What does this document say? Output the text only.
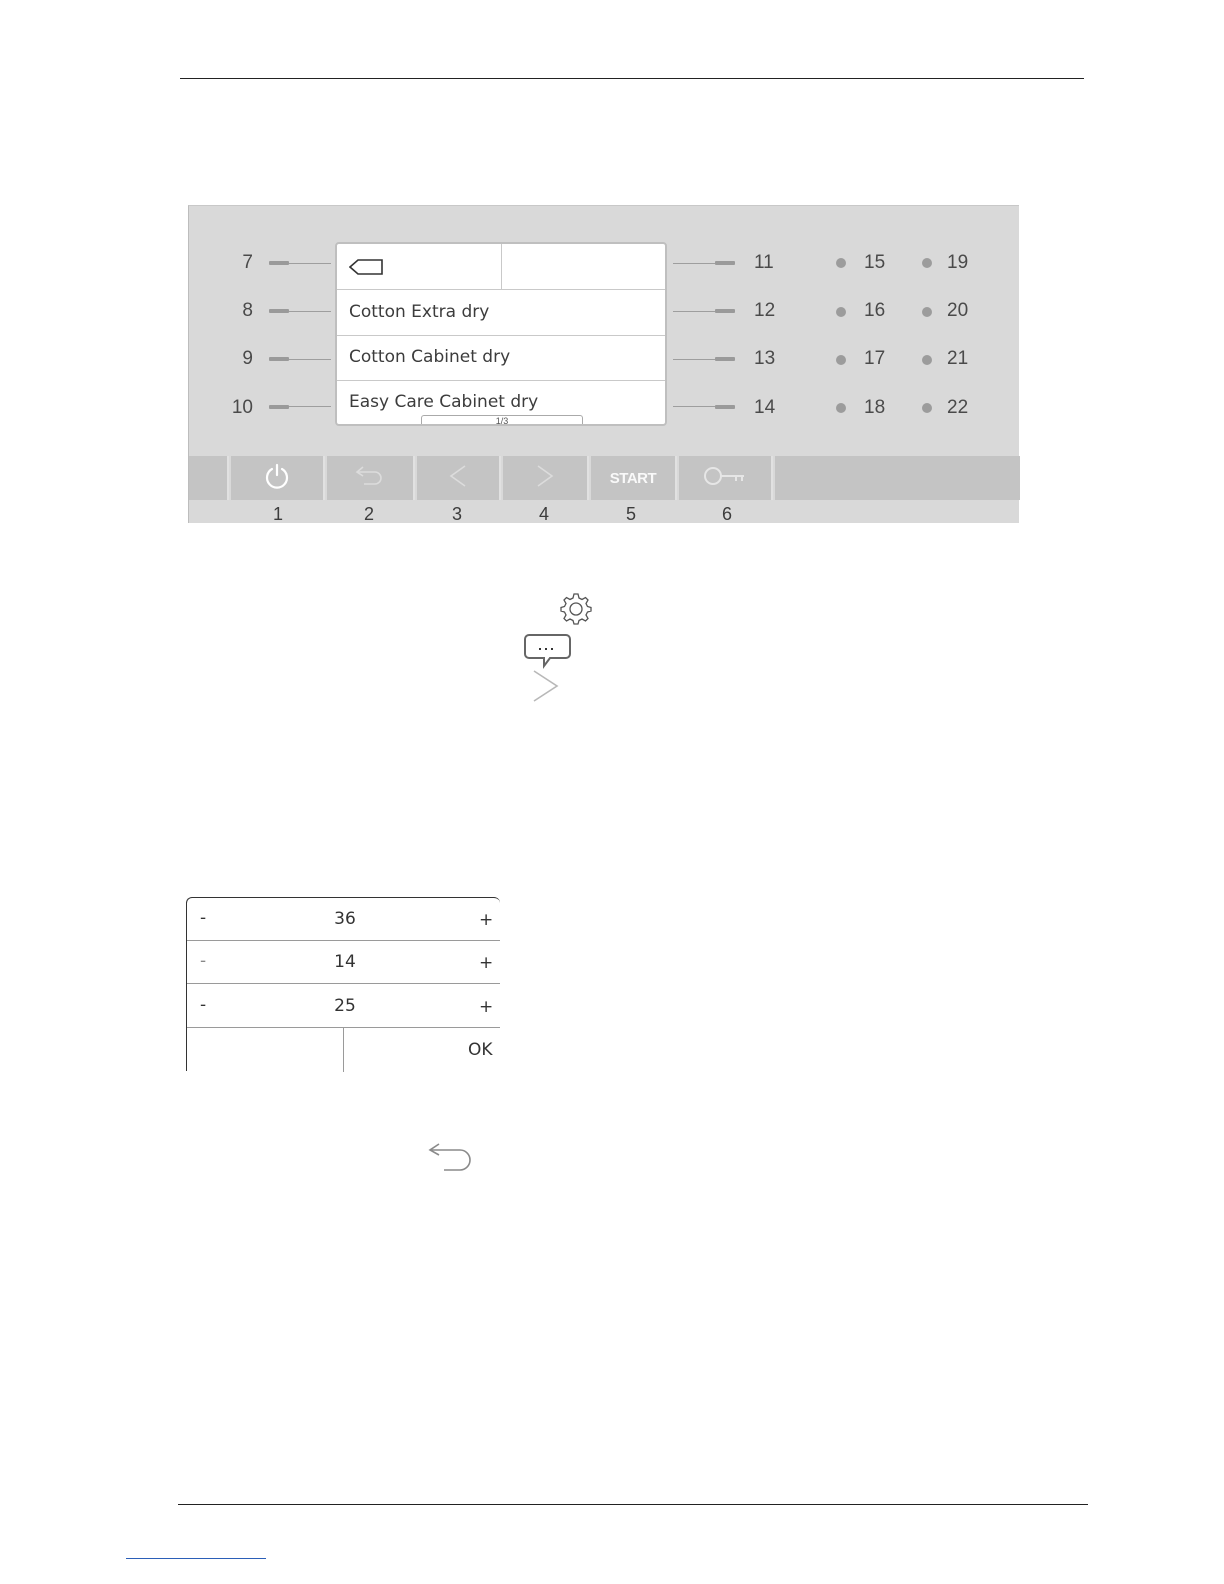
7
8
9
10
Cotton Extra dry
Cotton Cabinet dry
Easy Care Cabinet dry
1/3
11
12
13
14
15
16
17
18
19
20
21
22
START
1	2	3	4	5	6
-	36	+
-	14	+
-	25	+
OK
